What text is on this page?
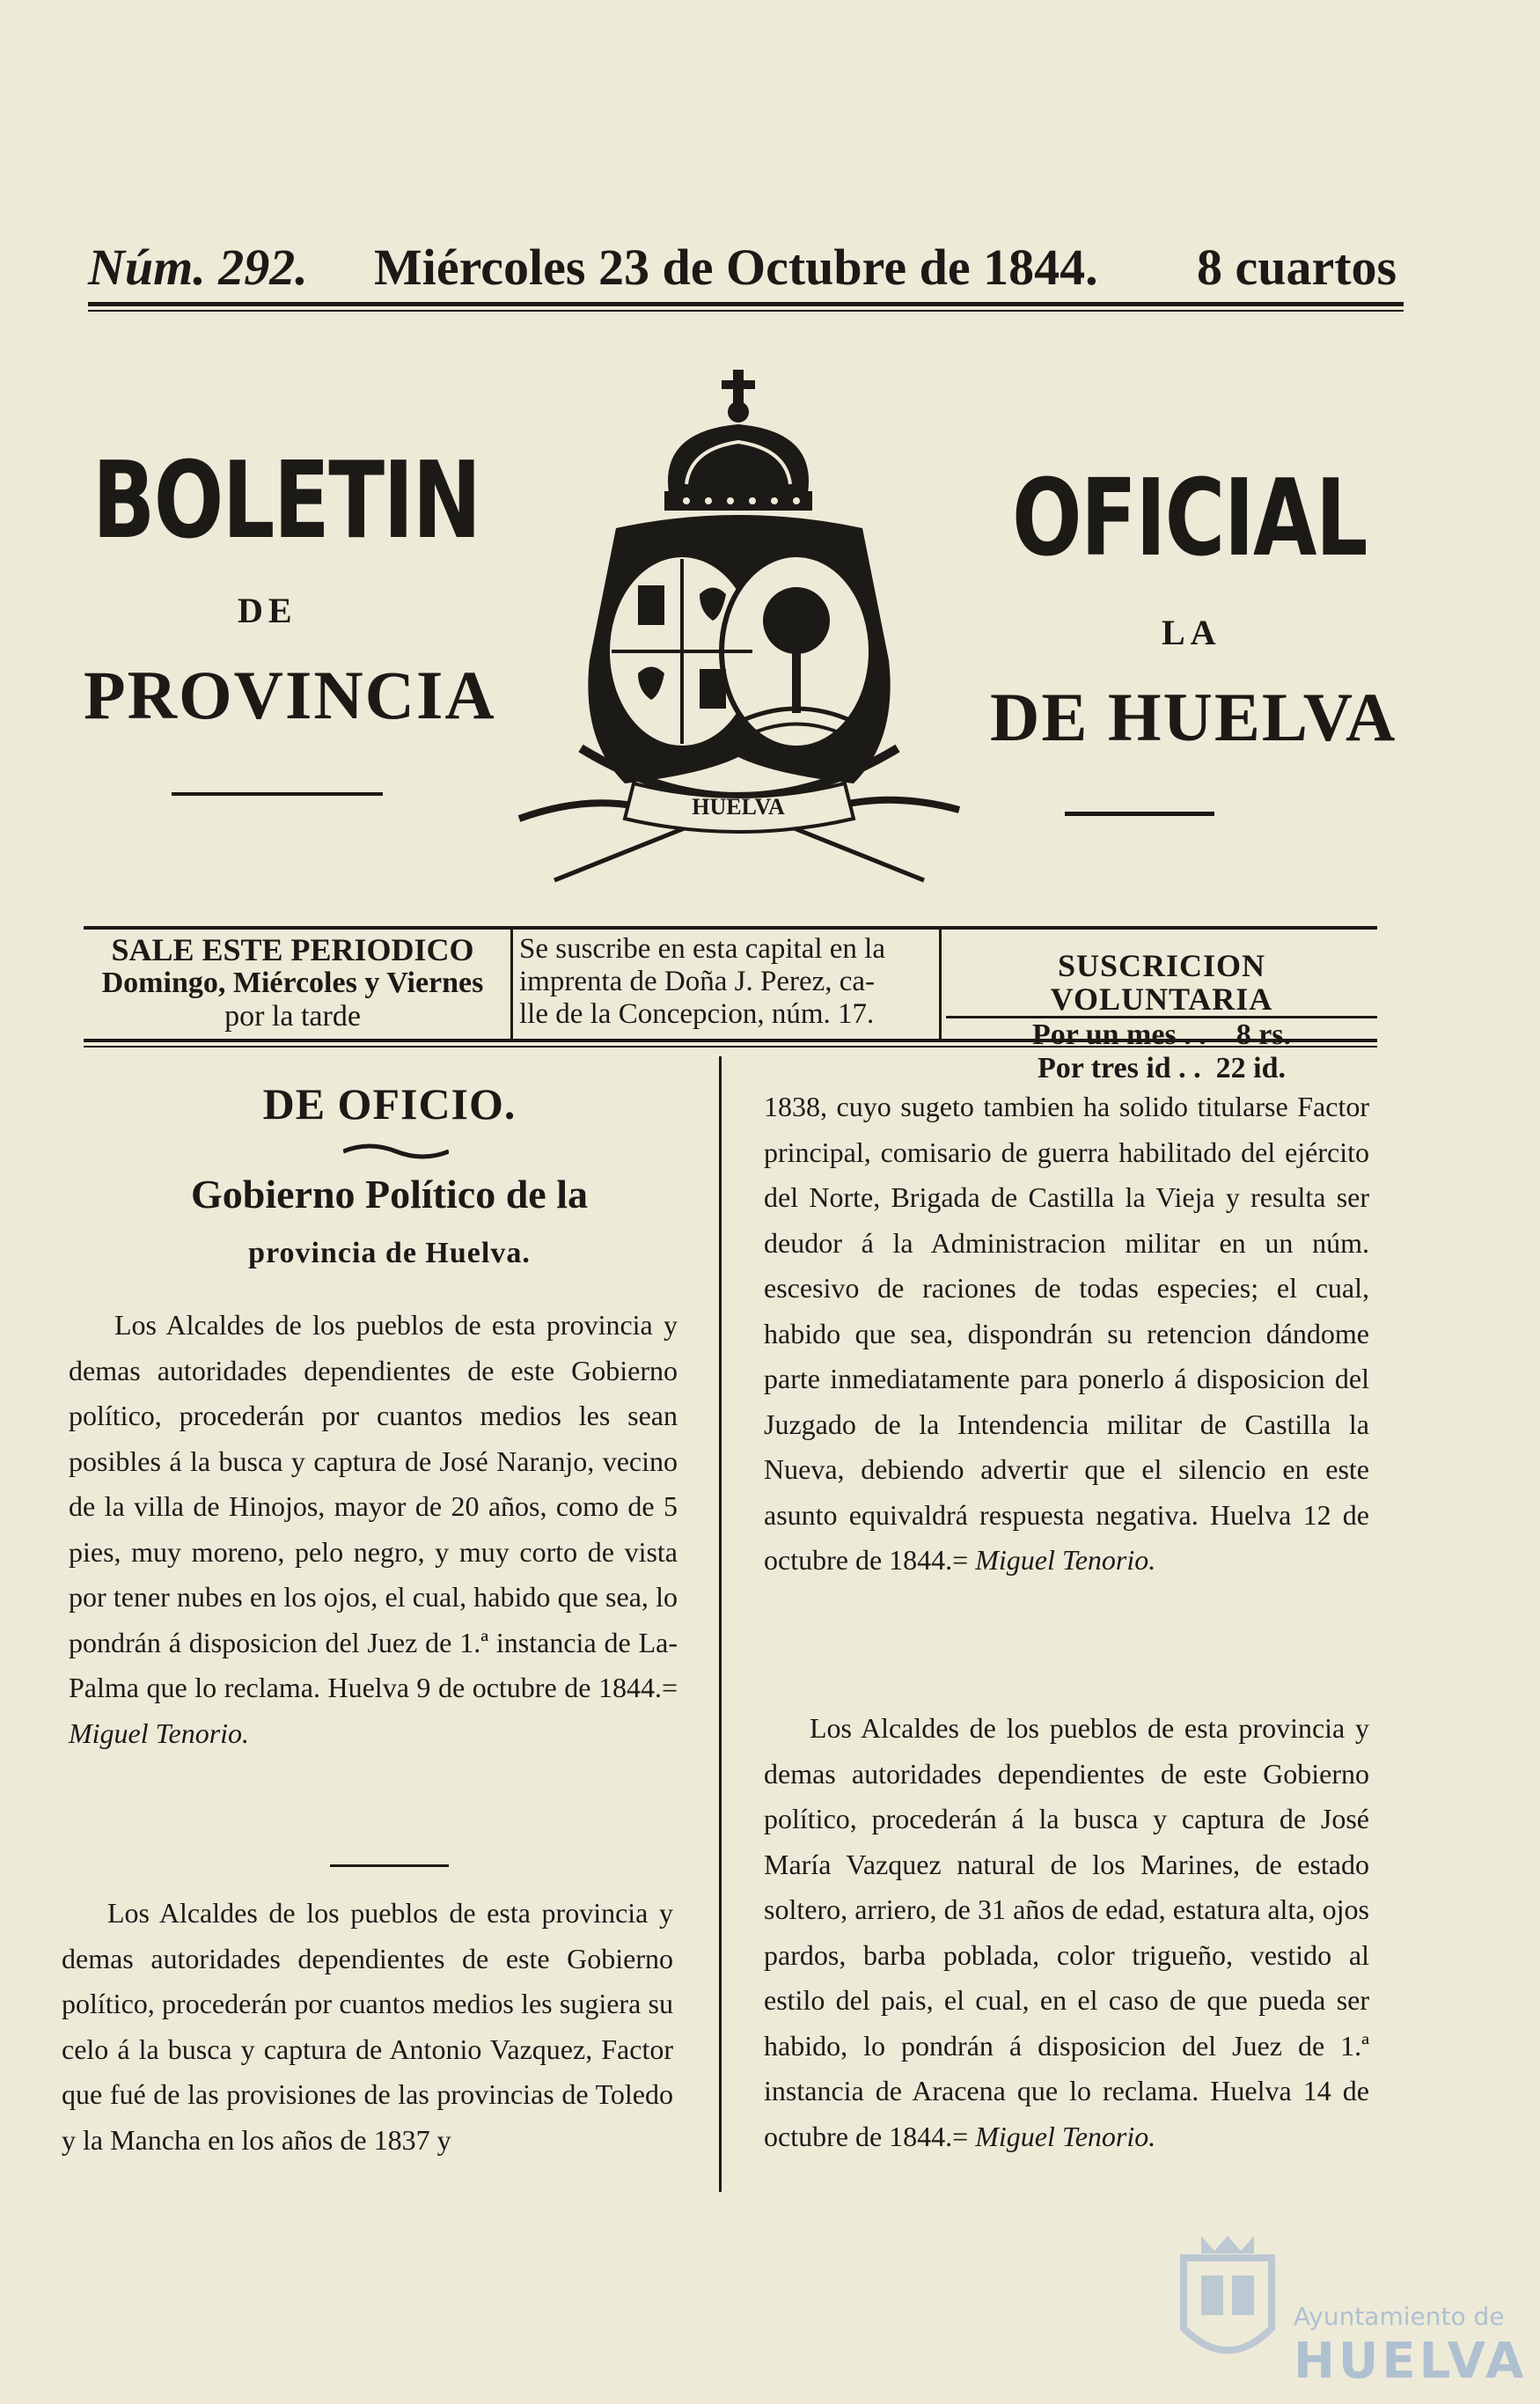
Núm. 292. Miércoles 23 de Octubre de 1844. 8 cuartos
BOLETIN	OFICIAL
DE
LA
PROVINCIA	DE HUELVA
HUELVA
SALE ESTE PERIODICO
Domingo, Miércoles y Viernes
por la tarde
Se suscribe en esta capital en la
imprenta de Doña J. Perez, ca-
lle de la Concepcion, núm. 17.
SUSCRICION VOLUNTARIA
Por un mes . .    8 rs.
Por tres id . .  22 id.
DE OFICIO.
Gobierno Político de la
provincia de Huelva.

Los Alcaldes de los pueblos de esta provincia y demas autoridades dependientes de este Gobierno político, procederán por cuantos medios les sean posibles á la busca y captura de José Naranjo, vecino de la villa de Hinojos, mayor de 20 años, como de 5 pies, muy moreno, pelo negro, y muy corto de vista por tener nubes en los ojos, el cual, habido que sea, lo pondrán á disposicion del Juez de 1.ª instancia de La-Palma que lo reclama. Huelva 9 de octubre de 1844.= Miguel Tenorio.

Los Alcaldes de los pueblos de esta provincia y demas autoridades dependientes de este Gobierno político, procederán por cuantos medios les sugiera su celo á la busca y captura de Antonio Vazquez, Factor que fué de las provisiones de las provincias de Toledo y la Mancha en los años de 1837 y

1838, cuyo sugeto tambien ha solido titularse Factor principal, comisario de guerra habilitado del ejército del Norte, Brigada de Castilla la Vieja y resulta ser deudor á la Administracion militar en un núm. escesivo de raciones de todas especies; el cual, habido que sea, dispondrán su retencion dándome parte inmediatamente para ponerlo á disposicion del Juzgado de la Intendencia militar de Castilla la Nueva, debiendo advertir que el silencio en este asunto equivaldrá respuesta negativa. Huelva 12 de octubre de 1844.= Miguel Tenorio.

Los Alcaldes de los pueblos de esta provincia y demas autoridades dependientes de este Gobierno político, procederán á la busca y captura de José María Vazquez natural de los Marines, de estado soltero, arriero, de 31 años de edad, estatura alta, ojos pardos, barba poblada, color trigueño, vestido al estilo del pais, el cual, en el caso de que pueda ser habido, lo pondrán á disposicion del Juez de 1.ª instancia de Aracena que lo reclama. Huelva 14 de octubre de 1844.= Miguel Tenorio.

Ayuntamiento de
HUELVA
